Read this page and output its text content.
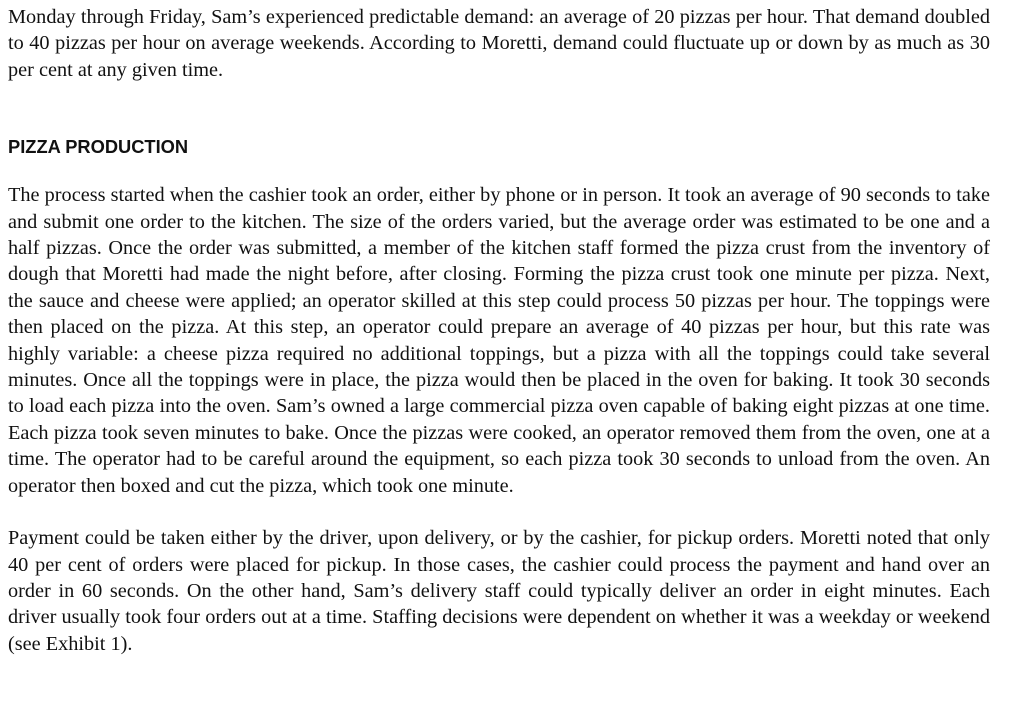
Monday through Friday, Sam’s experienced predictable demand: an average of 20 pizzas per hour. That demand doubled to 40 pizzas per hour on average weekends. According to Moretti, demand could fluctuate up or down by as much as 30 per cent at any given time.

PIZZA PRODUCTION

The process started when the cashier took an order, either by phone or in person. It took an average of 90 seconds to take and submit one order to the kitchen. The size of the orders varied, but the average order was estimated to be one and a half pizzas. Once the order was submitted, a member of the kitchen staff formed the pizza crust from the inventory of dough that Moretti had made the night before, after closing. Forming the pizza crust took one minute per pizza. Next, the sauce and cheese were applied; an operator skilled at this step could process 50 pizzas per hour. The toppings were then placed on the pizza. At this step, an operator could prepare an average of 40 pizzas per hour, but this rate was highly variable: a cheese pizza required no additional toppings, but a pizza with all the toppings could take several minutes. Once all the toppings were in place, the pizza would then be placed in the oven for baking. It took 30 seconds to load each pizza into the oven. Sam’s owned a large commercial pizza oven capable of baking eight pizzas at one time. Each pizza took seven minutes to bake. Once the pizzas were cooked, an operator removed them from the oven, one at a time. The operator had to be careful around the equipment, so each pizza took 30 seconds to unload from the oven. An operator then boxed and cut the pizza, which took one minute.

Payment could be taken either by the driver, upon delivery, or by the cashier, for pickup orders. Moretti noted that only 40 per cent of orders were placed for pickup. In those cases, the cashier could process the payment and hand over an order in 60 seconds. On the other hand, Sam’s delivery staff could typically deliver an order in eight minutes. Each driver usually took four orders out at a time. Staffing decisions were dependent on whether it was a weekday or weekend (see Exhibit 1).
